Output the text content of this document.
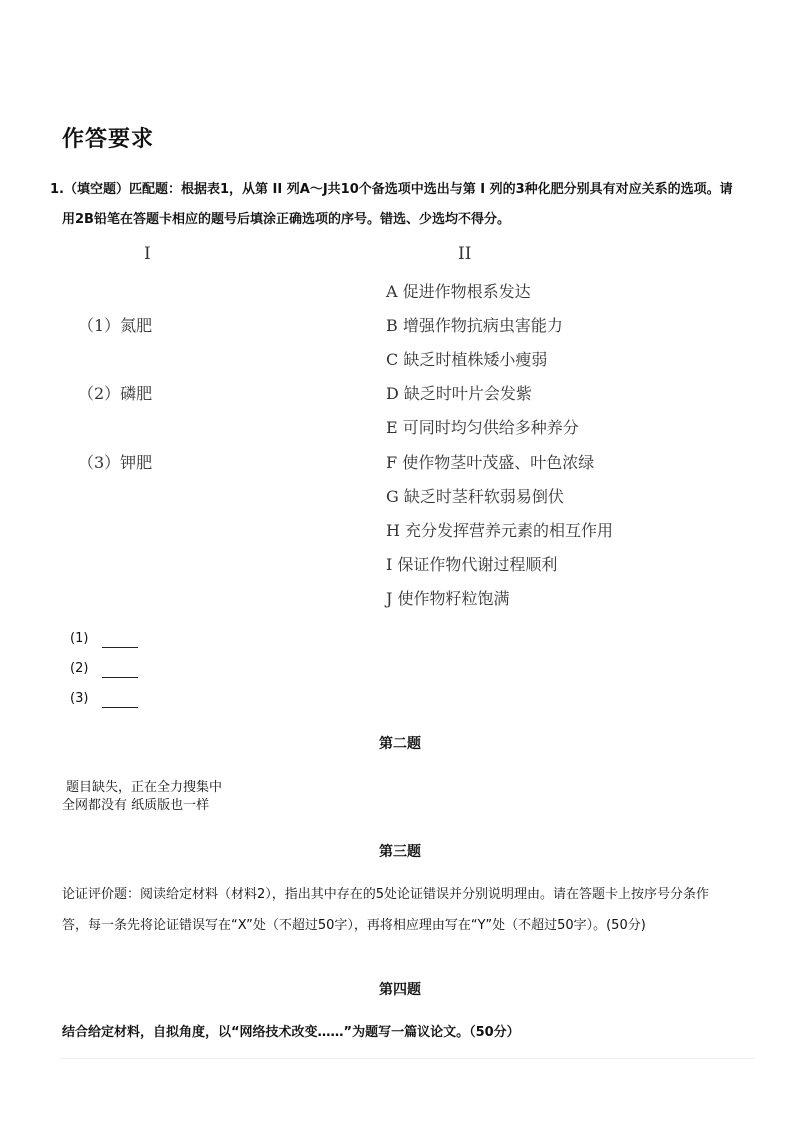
作答要求
1.（填空题）匹配题：根据表1，从第 II 列A～J共10个备选项中选出与第 I 列的3种化肥分别具有对应关系的选项。请
用2B铅笔在答题卡相应的题号后填涂正确选项的序号。错选、少选均不得分。
I	II
（1）氮肥
（2）磷肥
（3）钾肥
A 促进作物根系发达
B 增强作物抗病虫害能力
C 缺乏时植株矮小瘦弱
D 缺乏时叶片会发紫
E 可同时均匀供给多种养分
F 使作物茎叶茂盛、叶色浓绿
G 缺乏时茎秆软弱易倒伏
H 充分发挥营养元素的相互作用
I 保证作物代谢过程顺利
J 使作物籽粒饱满
(1)
(2)
(3)
第二题
题目缺失，正在全力搜集中
全网都没有 纸质版也一样
第三题
论证评价题：阅读给定材料（材料2），指出其中存在的5处论证错误并分别说明理由。请在答题卡上按序号分条作
答，每一条先将论证错误写在“X”处（不超过50字），再将相应理由写在“Y”处（不超过50字）。(50分)
第四题
结合给定材料，自拟角度，以“网络技术改变……”为题写一篇议论文。（50分）
